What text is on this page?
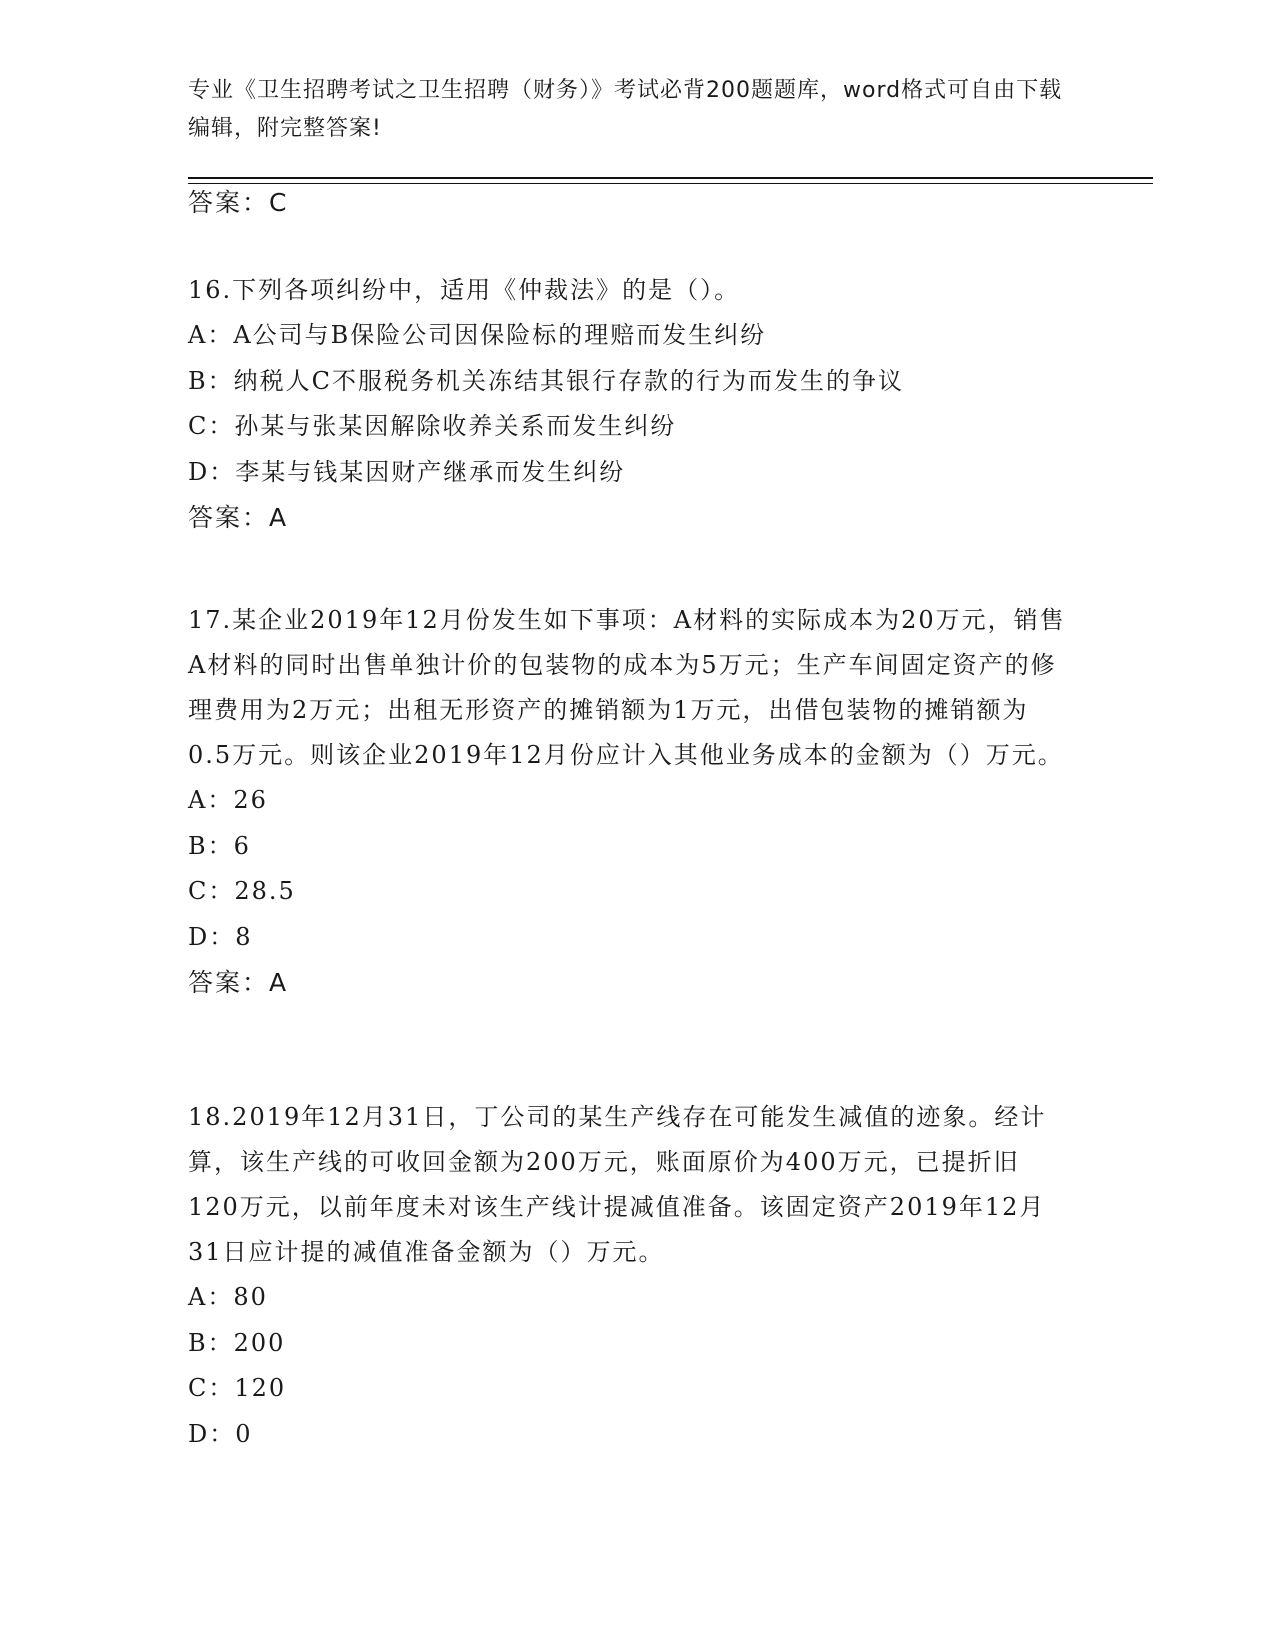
专业《卫生招聘考试之卫生招聘（财务）》考试必背200题题库，word格式可自由下载编辑，附完整答案!
答案：C

16.下列各项纠纷中，适用《仲裁法》的是（）。

A：A公司与B保险公司因保险标的理赔而发生纠纷

B：纳税人C不服税务机关冻结其银行存款的行为而发生的争议

C：孙某与张某因解除收养关系而发生纠纷

D：李某与钱某因财产继承而发生纠纷

答案：A

17.某企业2019年12月份发生如下事项：A材料的实际成本为20万元，销售A材料的同时出售单独计价的包装物的成本为5万元；生产车间固定资产的修理费用为2万元；出租无形资产的摊销额为1万元，出借包装物的摊销额为0.5万元。则该企业2019年12月份应计入其他业务成本的金额为（）万元。

A：26

B：6

C：28.5

D：8

答案：A

18.2019年12月31日，丁公司的某生产线存在可能发生减值的迹象。经计算，该生产线的可收回金额为200万元，账面原价为400万元，已提折旧120万元，以前年度未对该生产线计提减值准备。该固定资产2019年12月31日应计提的减值准备金额为（）万元。

A：80

B：200

C：120

D：0
